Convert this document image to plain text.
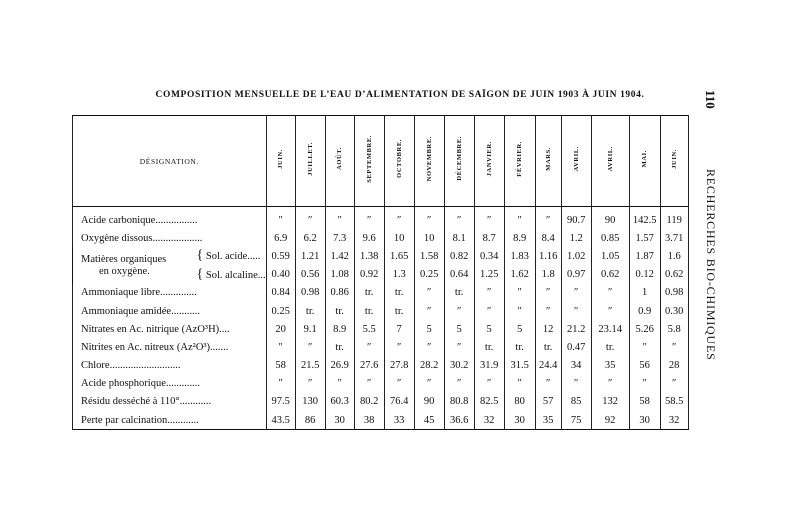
COMPOSITION MENSUELLE DE L’EAU D’ALIMENTATION DE SAÏGON DE JUIN 1903 À JUIN 1904.	110
RECHERCHES BIO-CHIMIQUES
DÉSIGNATION.		JUIN.	JUILLET.	AOÛT.	SEPTEMBRE.	OCTOBRE.	NOVEMBRE.	DÉCEMBRE.	JANVIER.	FÉVRIER.	MARS.	AVRIL.	AVRIL.	MAI.	JUIN.
Acide carbonique................		″	″	″	″	″	″	″	″	″	″	90.7	90	142.5	119
Oxygène dissous...................		6.9	6.2	7.3	9.6	10	10	8.1	8.7	8.9	8.4	1.2	0.85	1.57	3.71

Matières organiques
en oxygène.	{ Sol. acide.....	0.59	1.21	1.42	1.38	1.65	1.58	0.82	0.34	1.83	1.16	1.02	1.05	1.87	1.6
	{ Sol. alcaline...	0.40	0.56	1.08	0.92	1.3	0.25	0.64	1.25	1.62	1.8	0.97	0.62	0.12	0.62
Ammoniaque libre..............		0.84	0.98	0.86	tr.	tr.	″	tr.	″	″	″	″	″	1	0.98
Ammoniaque amidée...........		0.25	tr.	tr.	tr.	tr.	″	″	″	″	″	″	″	0.9	0.30
Nitrates en Ac. nitrique (AzO³H)....		20	9.1	8.9	5.5	7	5	5	5	5	12	21.2	23.14	5.26	5.8
Nitrites en Ac. nitreux (Az²O³).......		″	″	tr.	″	″	″	″	tr.	tr.	tr.	0.47	tr.	″	″
Chlore...........................		58	21.5	26.9	27.6	27.8	28.2	30.2	31.9	31.5	24.4	34	35	56	28
Acide phosphorique.............		″	″	″	″	″	″	″	″	″	″	″	″	″	″
Résidu desséché à 110°............		97.5	130	60.3	80.2	76.4	90	80.8	82.5	80	57	85	132	58	58.5
Perte par calcination............		43.5	86	30	38	33	45	36.6	32	30	35	75	92	30	32
